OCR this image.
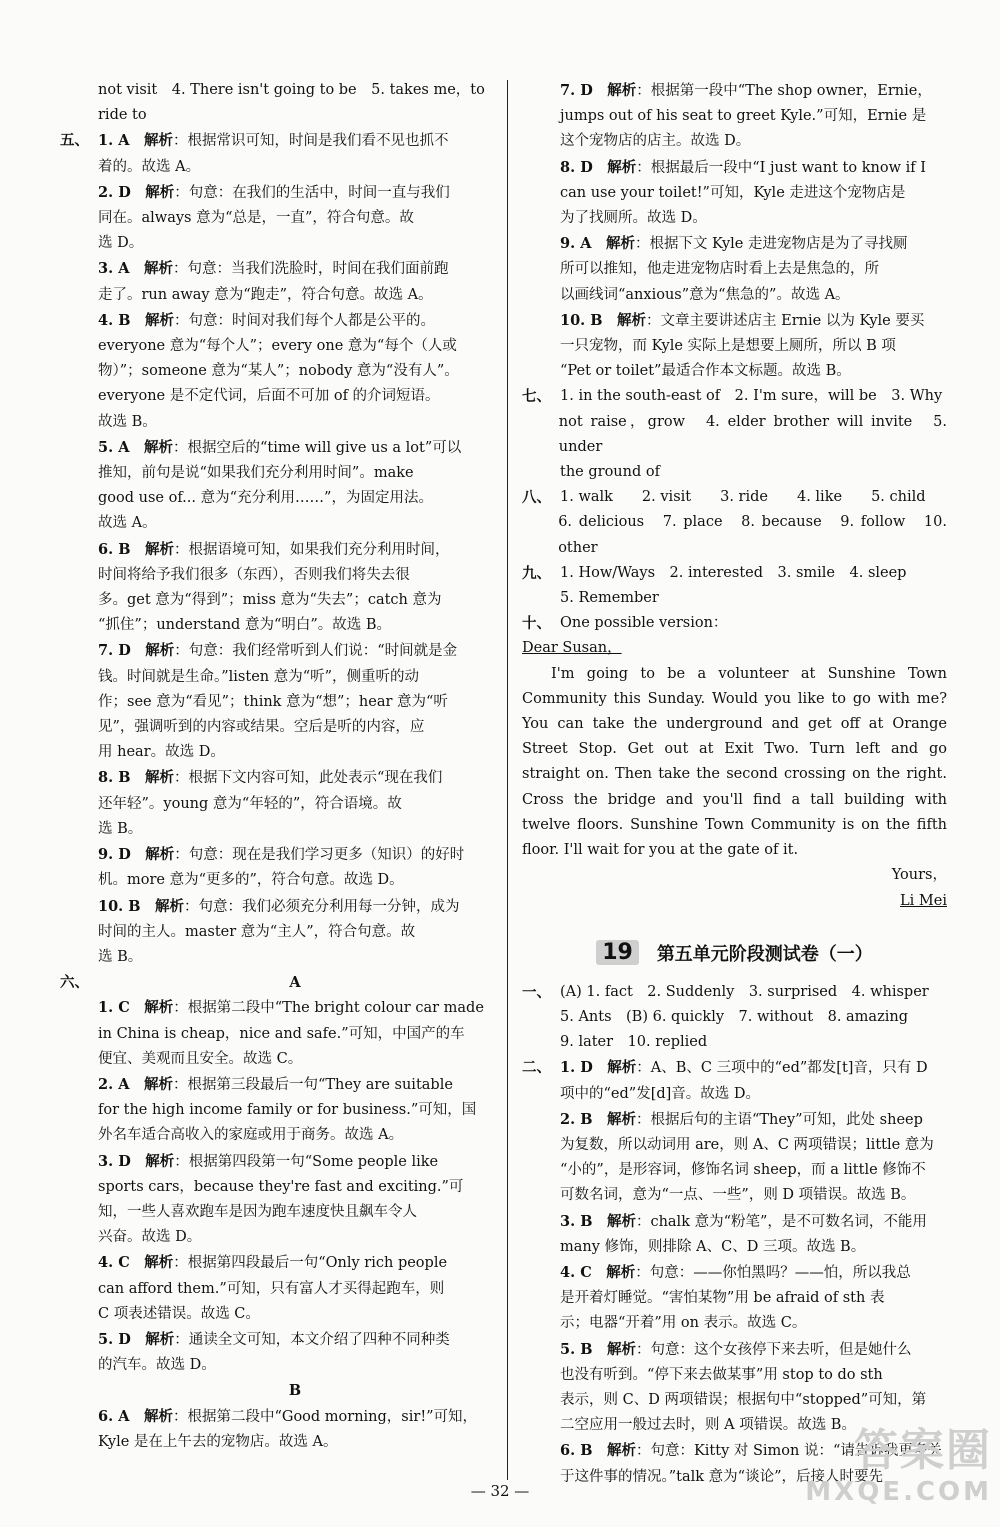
not visit　4. There isn't going to be　5. takes me，to
ride to
五、 1. A　解析：根据常识可知，时间是我们看不见也抓不
着的。故选 A。
2. D　解析：句意：在我们的生活中，时间一直与我们
同在。always 意为“总是，一直”，符合句意。故
选 D。
3. A　解析：句意：当我们洗脸时，时间在我们面前跑
走了。run away 意为“跑走”，符合句意。故选 A。
4. B　解析：句意：时间对我们每个人都是公平的。
everyone 意为“每个人”；every one 意为“每个（人或
物）”；someone 意为“某人”；nobody 意为“没有人”。
everyone 是不定代词，后面不可加 of 的介词短语。
故选 B。
5. A　解析：根据空后的“time will give us a lot”可以
推知，前句是说“如果我们充分利用时间”。make
good use of... 意为“充分利用……”，为固定用法。
故选 A。
6. B　解析：根据语境可知，如果我们充分利用时间，
时间将给予我们很多（东西），否则我们将失去很
多。get 意为“得到”；miss 意为“失去”；catch 意为
“抓住”；understand 意为“明白”。故选 B。
7. D　解析：句意：我们经常听到人们说：“时间就是金
钱。时间就是生命。”listen 意为“听”，侧重听的动
作；see 意为“看见”；think 意为“想”；hear 意为“听
见”，强调听到的内容或结果。空后是听的内容，应
用 hear。故选 D。
8. B　解析：根据下文内容可知，此处表示“现在我们
还年轻”。young 意为“年轻的”，符合语境。故
选 B。
9. D　解析：句意：现在是我们学习更多（知识）的好时
机。more 意为“更多的”，符合句意。故选 D。
10. B　解析：句意：我们必须充分利用每一分钟，成为
时间的主人。master 意为“主人”，符合句意。故
选 B。
六、	A
1. C　解析：根据第二段中“The bright colour car made
in China is cheap，nice and safe.”可知，中国产的车
便宜、美观而且安全。故选 C。
2. A　解析：根据第三段最后一句“They are suitable
for the high income family or for business.”可知，国
外名车适合高收入的家庭或用于商务。故选 A。
3. D　解析：根据第四段第一句“Some people like
sports cars，because they're fast and exciting.”可
知，一些人喜欢跑车是因为跑车速度快且飙车令人
兴奋。故选 D。
4. C　解析：根据第四段最后一句“Only rich people
can afford them.”可知，只有富人才买得起跑车，则
C 项表述错误。故选 C。
5. D　解析：通读全文可知，本文介绍了四种不同种类
的汽车。故选 D。
B
6. A　解析：根据第二段中“Good morning，sir!”可知，
Kyle 是在上午去的宠物店。故选 A。
7. D　解析：根据第一段中“The shop owner，Ernie，
jumps out of his seat to greet Kyle.”可知，Ernie 是
这个宠物店的店主。故选 D。
8. D　解析：根据最后一段中“I just want to know if I
can use your toilet!”可知，Kyle 走进这个宠物店是
为了找厕所。故选 D。
9. A　解析：根据下文 Kyle 走进宠物店是为了寻找厕
所可以推知，他走进宠物店时看上去是焦急的，所
以画线词“anxious”意为“焦急的”。故选 A。
10. B　解析：文章主要讲述店主 Ernie 以为 Kyle 要买
一只宠物，而 Kyle 实际上是想要上厕所，所以 B 项
“Pet or toilet”最适合作本文标题。故选 B。
七、 1. in the south-east of　2. I'm sure，will be　3. Why
not raise，grow　4. elder brother will invite　5. under
the ground of
八、 1. walk　　2. visit　　3. ride　　4. like　　5. child
6. delicious　7. place　8. because　9. follow　10. other
九、 1. How/Ways　2. interested　3. smile　4. sleep
5. Remember
十、 One possible version：
Dear Susan，
I'm going to be a volunteer at Sunshine Town Community this Sunday. Would you like to go with me? You can take the underground and get off at Orange Street Stop. Get out at Exit Two. Turn left and go straight on. Then take the second crossing on the right. Cross the bridge and you'll find a tall building with twelve floors. Sunshine Town Community is on the fifth floor. I'll wait for you at the gate of it.
Yours，
Li Mei
19	第五单元阶段测试卷（一）
一、 (A) 1. fact　2. Suddenly　3. surprised　4. whisper
5. Ants　(B) 6. quickly　7. without　8. amazing
9. later　10. replied
二、 1. D　解析：A、B、C 三项中的“ed”都发[t]音，只有 D
项中的“ed”发[d]音。故选 D。
2. B　解析：根据后句的主语“They”可知，此处 sheep
为复数，所以动词用 are，则 A、C 两项错误；little 意为
“小的”，是形容词，修饰名词 sheep，而 a little 修饰不
可数名词，意为“一点、一些”，则 D 项错误。故选 B。
3. B　解析：chalk 意为“粉笔”，是不可数名词，不能用
many 修饰，则排除 A、C、D 三项。故选 B。
4. C　解析：句意：——你怕黑吗？——怕，所以我总
是开着灯睡觉。“害怕某物”用 be afraid of sth 表
示；电器“开着”用 on 表示。故选 C。
5. B　解析：句意：这个女孩停下来去听，但是她什么
也没有听到。“停下来去做某事”用 stop to do sth
表示，则 C、D 两项错误；根据句中“stopped”可知，第
二空应用一般过去时，则 A 项错误。故选 B。
6. B　解析：句意：Kitty 对 Simon 说：“请告诉我更多关
于这件事的情况。”talk 意为“谈论”，后接人时要先
— 32 —
答案圈
MXQE.COM
